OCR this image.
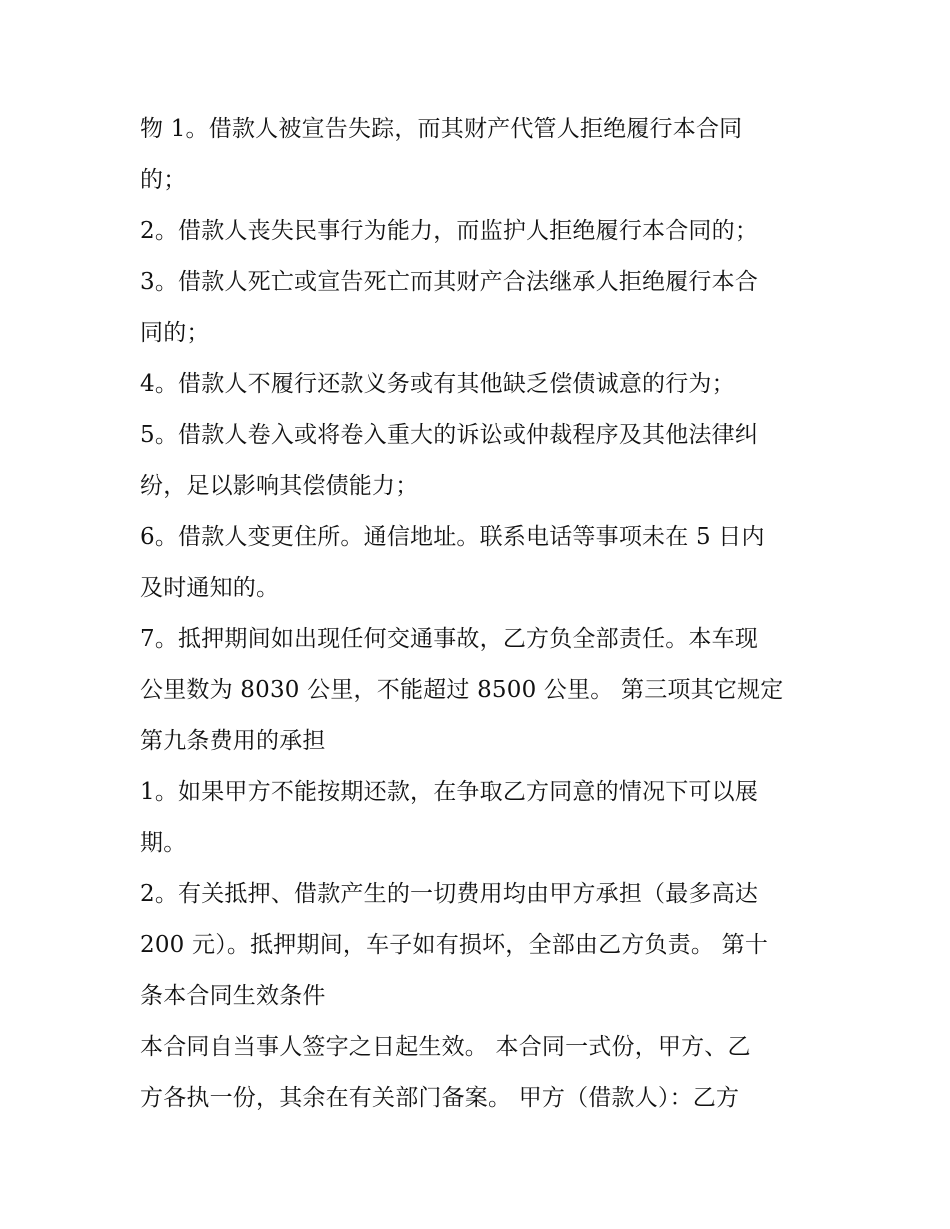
物 1。借款人被宣告失踪，而其财产代管人拒绝履行本合同
的；
2。借款人丧失民事行为能力，而监护人拒绝履行本合同的；
3。借款人死亡或宣告死亡而其财产合法继承人拒绝履行本合
同的；
4。借款人不履行还款义务或有其他缺乏偿债诚意的行为；
5。借款人卷入或将卷入重大的诉讼或仲裁程序及其他法律纠
纷，足以影响其偿债能力；
6。借款人变更住所。通信地址。联系电话等事项未在 5 日内
及时通知的。
7。抵押期间如出现任何交通事故，乙方负全部责任。本车现
公里数为 8030 公里，不能超过 8500 公里。 第三项其它规定
第九条费用的承担
1。如果甲方不能按期还款，在争取乙方同意的情况下可以展
期。
2。有关抵押、借款产生的一切费用均由甲方承担（最多高达
200 元）。抵押期间，车子如有损坏，全部由乙方负责。 第十
条本合同生效条件
本合同自当事人签字之日起生效。 本合同一式份，甲方、乙
方各执一份，其余在有关部门备案。 甲方（借款人）：乙方
